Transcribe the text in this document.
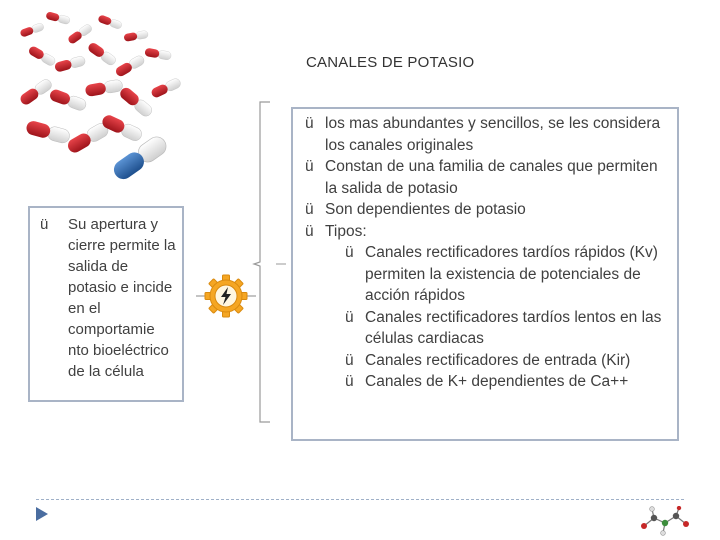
CANALES DE POTASIO
ü Su apertura y cierre permite la salida de potasio e incide en el comportamie nto bioeléctrico de la célula
ü los mas abundantes y sencillos, se les considera los canales originales
ü Constan de una familia de canales que permiten la salida de potasio
ü Son dependientes de potasio
ü Tipos:
ü Canales rectificadores tardíos rápidos (Kv) permiten la existencia de potenciales de acción rápidos
ü Canales rectificadores tardíos lentos en las células cardiacas
ü Canales rectificadores de entrada (Kir)
ü Canales de K+ dependientes de Ca++
